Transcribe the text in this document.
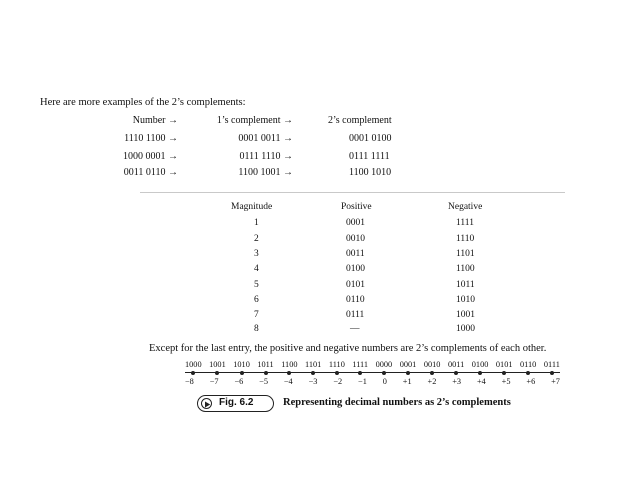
Here are more examples of the 2’s complements:
Number →	1’s complement →	2’s complement
1110 1100 →	0001 0011 →	0001 0100
1000 0001 →	0111 1110 →	0111 1111
0011 0110 →	1100 1001 →	1100 1010
Magnitude	Positive	Negative
1	0001	1111
2	0010	1110
3	0011	1101
4	0100	1100
5	0101	1011
6	0110	1010
7	0111	1001
8	—	1000
Except for the last entry, the positive and negative numbers are 2’s complements of each other.
1000 1001 1010 1011 1100 1101 1110 1111 0000 0001 0010 0011 0100 0101 0110 0111
−8 −7 −6 −5 −4 −3 −2 −1 0 +1 +2 +3 +4 +5 +6 +7
Fig. 6.2	Representing decimal numbers as 2’s complements
